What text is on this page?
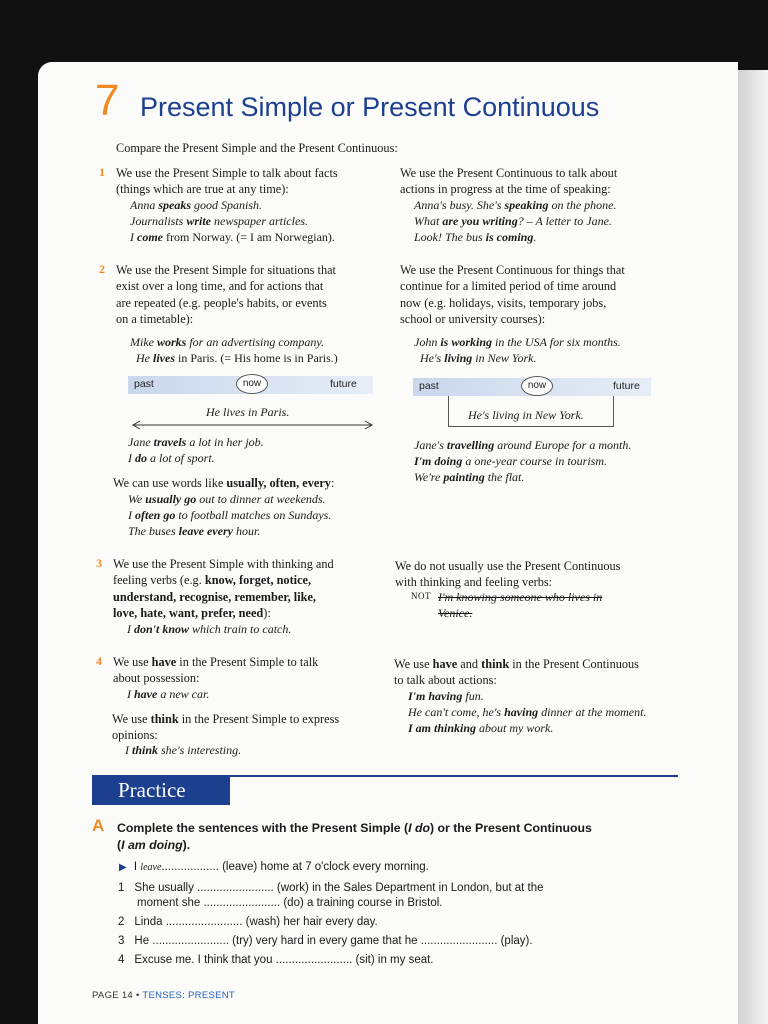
7 Present Simple or Present Continuous
Compare the Present Simple and the Present Continuous:
1 We use the Present Simple to talk about facts
(things which are true at any time):
Anna speaks good Spanish.
Journalists write newspaper articles.
I come from Norway. (= I am Norwegian).
We use the Present Continuous to talk about
actions in progress at the time of speaking:
Anna's busy. She's speaking on the phone.
What are you writing? – A letter to Jane.
Look! The bus is coming.
2 We use the Present Simple for situations that
exist over a long time, and for actions that
are repeated (e.g. people's habits, or events
on a timetable):
We use the Present Continuous for things that
continue for a limited period of time around
now (e.g. holidays, visits, temporary jobs,
school or university courses):
Mike works for an advertising company.
He lives in Paris. (= His home is in Paris.)
John is working in the USA for six months.
He's living in New York.
past	now	future
He lives in Paris.
past	now	future
He's living in New York.
Jane travels a lot in her job.
I do a lot of sport.
Jane's travelling around Europe for a month.
I'm doing a one-year course in tourism.
We're painting the flat.
We can use words like usually, often, every:
We usually go out to dinner at weekends.
I often go to football matches on Sundays.
The buses leave every hour.
3 We use the Present Simple with thinking and
feeling verbs (e.g. know, forget, notice,
understand, recognise, remember, like,
love, hate, want, prefer, need):
I don't know which train to catch.
We do not usually use the Present Continuous
with thinking and feeling verbs:
NOT I'm knowing someone who lives in
Venice.
4 We use have in the Present Simple to talk
about possession:
I have a new car.
We use think in the Present Simple to express
opinions:
I think she's interesting.
We use have and think in the Present Continuous
to talk about actions:
I'm having fun.
He can't come, he's having dinner at the moment.
I am thinking about my work.
Practice
A Complete the sentences with the Present Simple (I do) or the Present Continuous
(I am doing).
▶ I leave.................. (leave) home at 7 o'clock every morning.
1 She usually ........................ (work) in the Sales Department in London, but at the
moment she ........................ (do) a training course in Bristol.
2 Linda ........................ (wash) her hair every day.
3 He ........................ (try) very hard in every game that he ........................ (play).
4 Excuse me. I think that you ........................ (sit) in my seat.
PAGE 14 • TENSES: PRESENT
